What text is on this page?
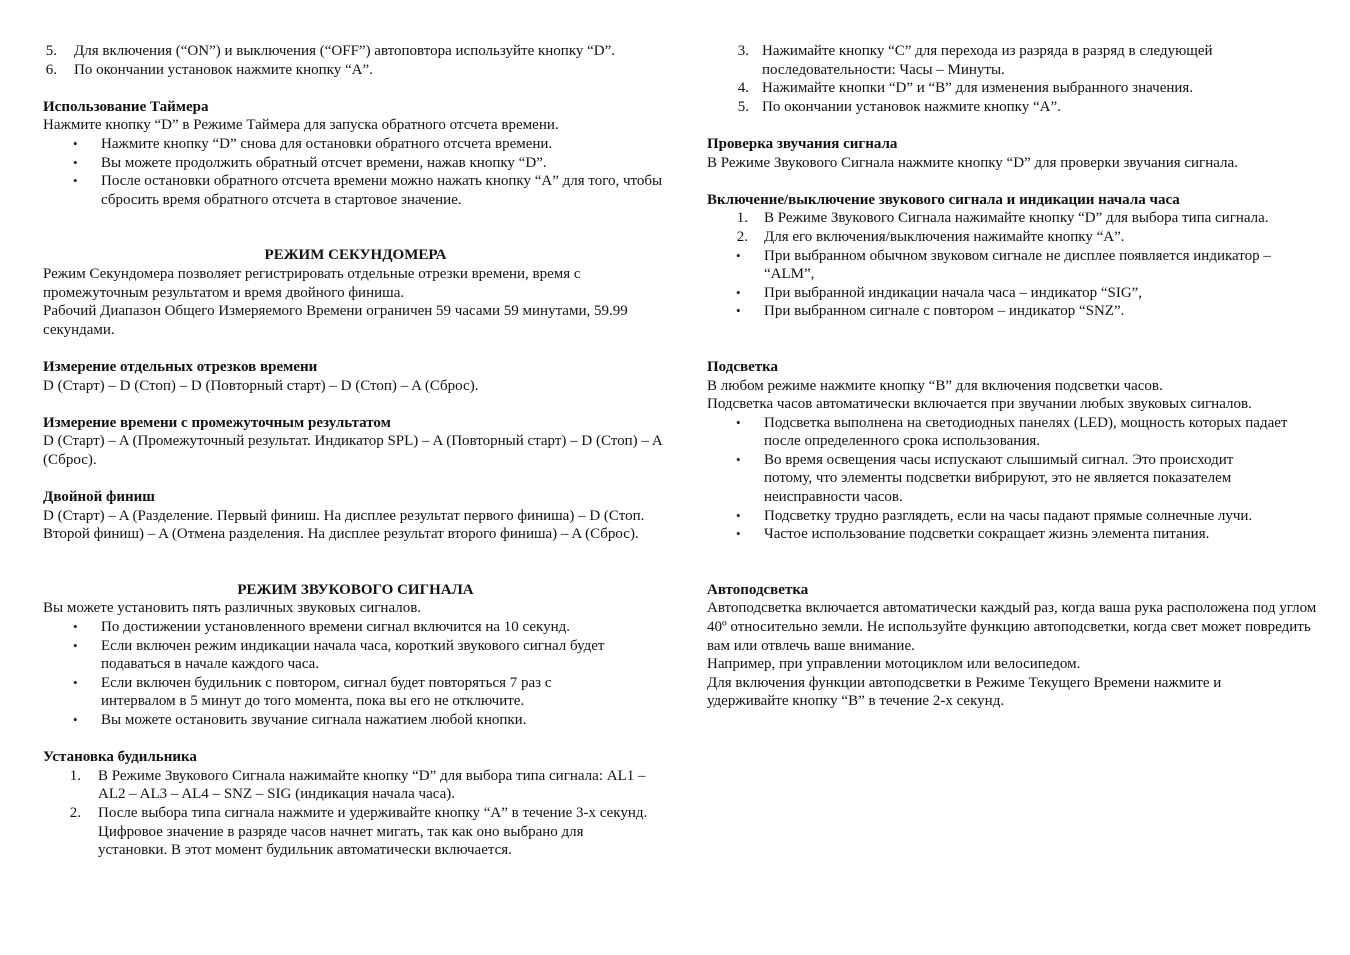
5. Для включения (“ON”) и выключения (“OFF”) автоповтора используйте кнопку “D”.
6. По окончании установок нажмите кнопку “A”.

Использование Таймера

Нажмите кнопку “D” в Режиме Таймера для запуска обратного отсчета времени.

• Нажмите кнопку “D” снова для остановки обратного отсчета времени.
• Вы можете продолжить обратный отсчет времени, нажав кнопку “D”.
• После остановки обратного отсчета времени можно нажать кнопку “A” для того, чтобы сбросить время обратного отсчета в стартовое значение.

РЕЖИМ СЕКУНДОМЕРА

Режим Секундомера позволяет регистрировать отдельные отрезки времени, время с промежуточным результатом и время двойного финиша.

Рабочий Диапазон Общего Измеряемого Времени ограничен 59 часами 59 минутами, 59.99 секундами.

Измерение отдельных отрезков времени

D (Старт) – D (Стоп) – D (Повторный старт) – D (Стоп) – A (Сброс).

Измерение времени с промежуточным результатом

D (Старт) – A (Промежуточный результат. Индикатор SPL) – A (Повторный старт) – D (Стоп) – A (Сброс).

Двойной финиш

D (Старт) – A (Разделение. Первый финиш. На дисплее результат первого финиша) – D (Стоп. Второй финиш) – A (Отмена разделения. На дисплее результат второго финиша) – A (Сброс).

РЕЖИМ ЗВУКОВОГО СИГНАЛА

Вы можете установить пять различных звуковых сигналов.

• По достижении установленного времени сигнал включится на 10 секунд.
• Если включен режим индикации начала часа, короткий звукового сигнал будет подаваться в начале каждого часа.
• Если включен будильник с повтором, сигнал будет повторяться 7 раз с интервалом в 5 минут до того момента, пока вы его не отключите.
• Вы можете остановить звучание сигнала нажатием любой кнопки.

Установка будильника

1. В Режиме Звукового Сигнала нажимайте кнопку “D” для выбора типа сигнала: AL1 – AL2 – AL3 – AL4 – SNZ – SIG (индикация начала часа).
2. После выбора типа сигнала нажмите и удерживайте кнопку “A” в течение 3-х секунд. Цифровое значение в разряде часов начнет мигать, так как оно выбрано для установки. В этот момент будильник автоматически включается.
3. Нажимайте кнопку “C” для перехода из разряда в разряд в следующей последовательности: Часы – Минуты.
4. Нажимайте кнопки “D” и “B” для изменения выбранного значения.
5. По окончании установок нажмите кнопку “A”.

Проверка звучания сигнала

В Режиме Звукового Сигнала нажмите кнопку “D” для проверки звучания сигнала.

Включение/выключение звукового сигнала и индикации начала часа

1. В Режиме Звукового Сигнала нажимайте кнопку “D” для выбора типа сигнала.
2. Для его включения/выключения нажимайте кнопку “A”.
• При выбранном обычном звуковом сигнале не дисплее появляется индикатор – “ALM”,
• При выбранной индикации начала часа – индикатор “SIG”,
• При выбранном сигнале с повтором – индикатор “SNZ”.

Подсветка

В любом режиме нажмите кнопку “B” для включения подсветки часов.

Подсветка часов автоматически включается при звучании любых звуковых сигналов.

• Подсветка выполнена на светодиодных панелях (LED), мощность которых падает после определенного срока использования.
• Во время освещения часы испускают слышимый сигнал. Это происходит потому, что элементы подсветки вибрируют, это не является показателем неисправности часов.
• Подсветку трудно разглядеть, если на часы падают прямые солнечные лучи.
• Частое использование подсветки сокращает жизнь элемента питания.

Автоподсветка

Автоподсветка включается автоматически каждый раз, когда ваша рука расположена под углом 40º относительно земли. Не используйте функцию автоподсветки, когда свет может повредить вам или отвлечь ваше внимание.

Например, при управлении мотоциклом или велосипедом.

Для включения функции автоподсветки в Режиме Текущего Времени нажмите и удерживайте кнопку “B” в течение 2-х секунд.
